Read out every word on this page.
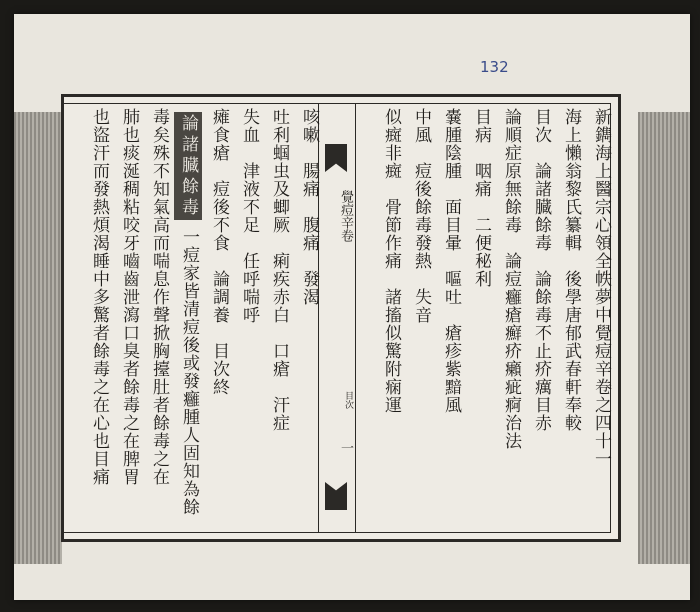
132
覺痘辛卷
目次
一	新鐫海上醫宗心領全帙夢中覺痘辛卷之四十一
海上懶翁黎氏纂輯　後學唐郁武春軒奉較
目次　論諸臓餘毒　論餘毒不止疥癘目赤
論順症原無餘毒　論痘癰瘡癬疥癩疵痾治法
目病　咽痛　二便秘利
嚢腫陰腫　面目暈　嘔吐　瘡疹紫黯風
中風　痘後餘毒發熱　失音
似癍非癍　骨節作痛　諸搐似驚附痫運
咳嗽　腸痛　腹痛　發渴
吐利蝈虫及蝍厥　痢疾赤白　口瘡　汗症
失血　津液不足　任呼喘呼
瘫食瘡　痘後不食　論調養　目次終
論諸臓餘毒
一痘家皆清痘後或發癰腫人固知為餘
毒矣殊不知氣高而喘息作聲掀胸擡肚者餘毒之在
肺也痰涎稠粘咬牙嚙齒泄瀉口臭者餘毒之在脾胃
也盜汗而發熱煩渴睡中多驚者餘毒之在心也目痛
